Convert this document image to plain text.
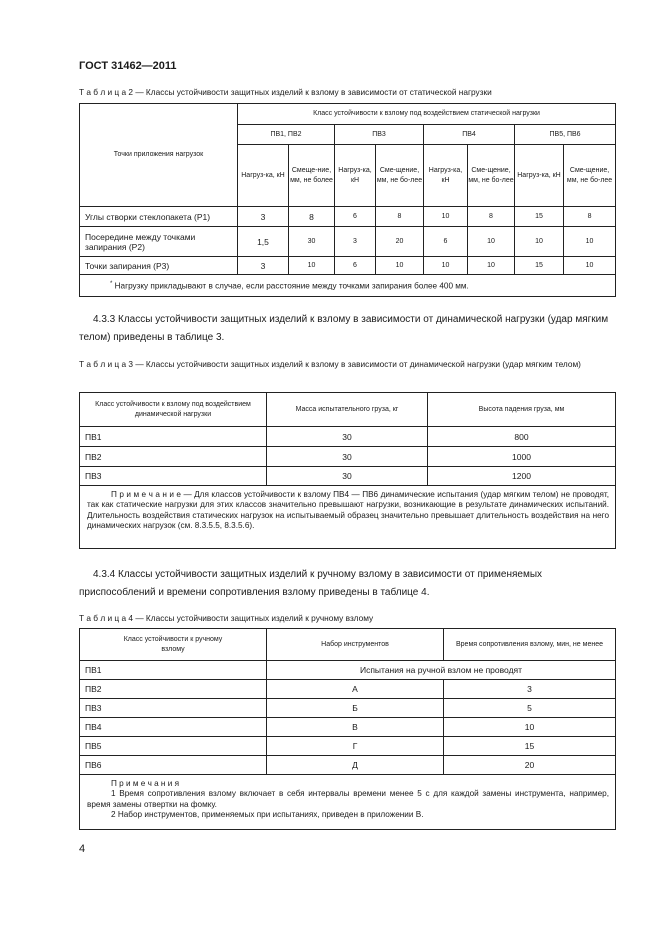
ГОСТ 31462—2011
Т а б л и ц а 2 — Классы устойчивости защитных изделий к взлому в зависимости от статической нагрузки
Точки приложения нагрузок	Класс устойчивости к взлому под воздействием статической нагрузки							
	ПВ1, ПВ2		ПВ3		ПВ4		ПВ5, ПВ6	
	Нагруз-ка, кН	Смеще-ние, мм, не более	Нагруз-ка, кН	Сме-щение, мм, не бо-лее	Нагруз-ка, кН	Сме-щение, мм, не бо-лее	Нагруз-ка, кН	Сме-щение, мм, не бо-лее
Углы створки стеклопакета (Р1)	3	8	6	8	10	8	15	8
Посередине между точками запирания (Р2)	1,5	30	3	20	6	10	10	10
Точки запирания (Р3)	3	10	6	10	10	10	15	10
* Нагрузку прикладывают в случае, если расстояние между точками запирания более 400 мм.								
4.3.3 Классы устойчивости защитных изделий к взлому в зависимости от динамической нагрузки (удар мягким телом) приведены в таблице 3.
Т а б л и ц а 3 — Классы устойчивости защитных изделий к взлому в зависимости от динамической нагрузки (удар мягким телом)
Класс устойчивости к взлому под воздействием динамической нагрузки	Масса испытательного груза, кг	Высота падения груза, мм
ПВ1	30	800
ПВ2	30	1000
ПВ3	30	1200
П р и м е ч а н и е — Для классов устойчивости к взлому ПВ4 — ПВ6 динамические испытания (удар мягким телом) не проводят, так как статические нагрузки для этих классов значительно превышают нагрузки, возникающие в результате динамических испытаний. Длительность воздействия статических нагрузок на испытываемый образец значительно превышает длительность воздействия на него динамических нагрузок (см. 8.3.5.5, 8.3.5.6).		
4.3.4 Классы устойчивости защитных изделий к ручному взлому в зависимости от применяемых приспособлений и времени сопротивления взлому приведены в таблице 4.
Т а б л и ц а 4 — Классы устойчивости защитных изделий к ручному взлому
Класс устойчивости к ручному взлому	Набор инструментов	Время сопротивления взлому, мин, не менее
ПВ1	Испытания на ручной взлом не проводят	
ПВ2	А	3
ПВ3	Б	5
ПВ4	В	10
ПВ5	Г	15
ПВ6	Д	20

П р и м е ч а н и я
1 Время сопротивления взлому включает в себя интервалы времени менее 5 с для каждой замены инструмента, например, время замены отвертки на фомку.
2 Набор инструментов, применяемых при испытаниях, приведен в приложении В.		
4
